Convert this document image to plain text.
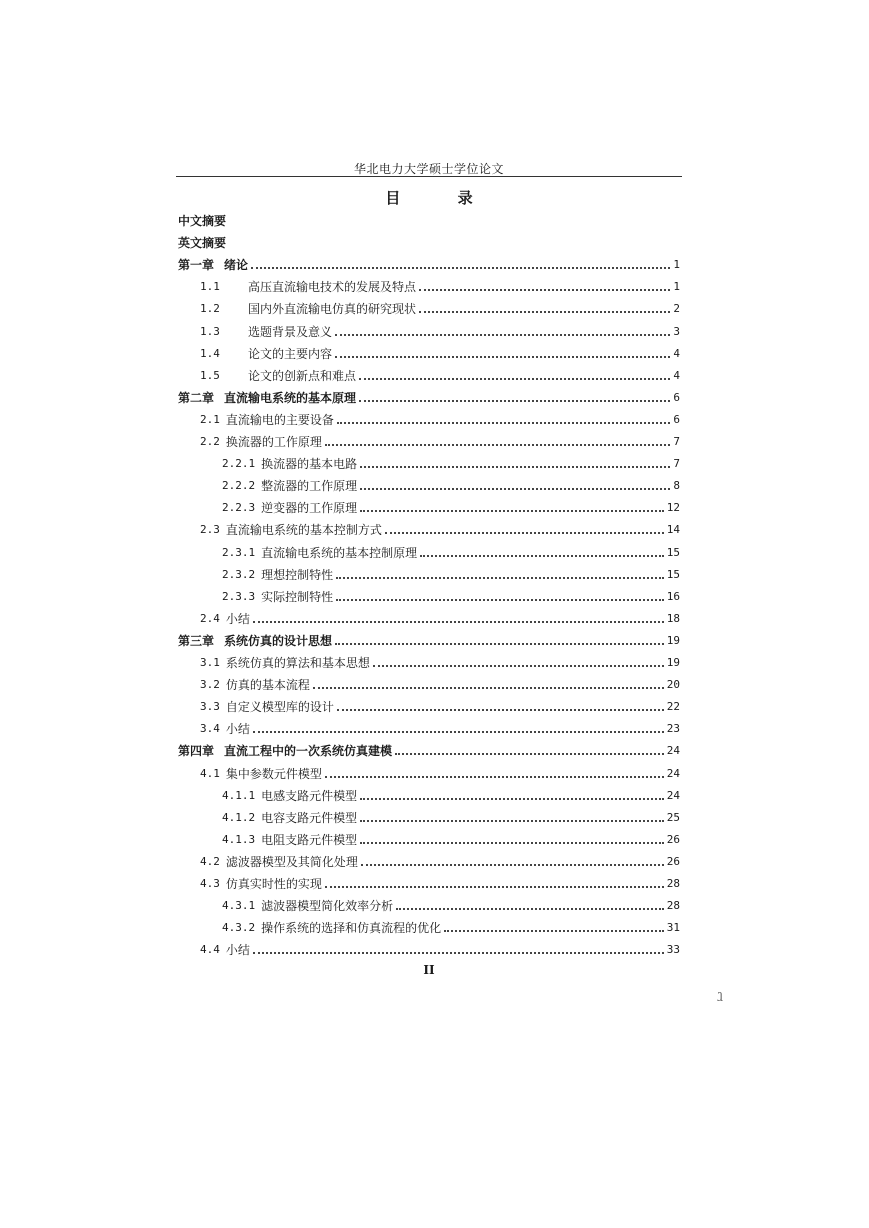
华北电力大学硕士学位论文
目 录
中文摘要
英文摘要
第一章 绪论	1
1.1	高压直流输电技术的发展及特点	1
1.2	国内外直流输电仿真的研究现状	2
1.3	选题背景及意义	3
1.4	论文的主要内容	4
1.5	论文的创新点和难点	4
第二章 直流输电系统的基本原理	6
2.1 直流输电的主要设备	6
2.2 换流器的工作原理	7
2.2.1 换流器的基本电路	7
2.2.2 整流器的工作原理	8
2.2.3 逆变器的工作原理	12
2.3 直流输电系统的基本控制方式	14
2.3.1 直流输电系统的基本控制原理	15
2.3.2 理想控制特性	15
2.3.3 实际控制特性	16
2.4 小结	18
第三章 系统仿真的设计思想	19
3.1 系统仿真的算法和基本思想	19
3.2 仿真的基本流程	20
3.3 自定义模型库的设计	22
3.4 小结	23
第四章 直流工程中的一次系统仿真建模	24
4.1 集中参数元件模型	24
4.1.1 电感支路元件模型	24
4.1.2 电容支路元件模型	25
4.1.3 电阻支路元件模型	26
4.2 滤波器模型及其简化处理	26
4.3 仿真实时性的实现	28
4.3.1 滤波器模型简化效率分析	28
4.3.2 操作系统的选择和仿真流程的优化	31
4.4 小结	33
II
ⱹ
